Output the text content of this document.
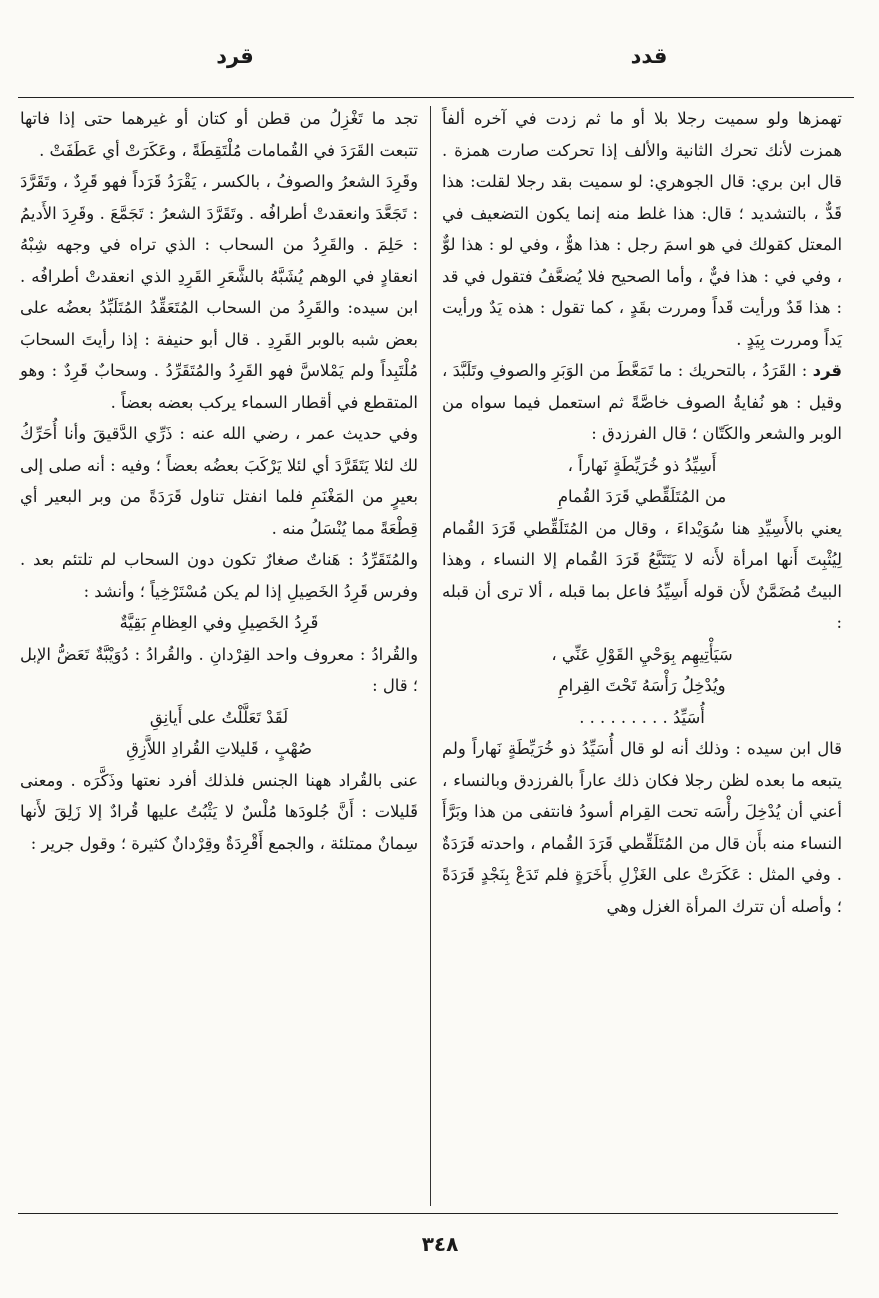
قدد
قرد

تهمزها ولو سميت رجلا بلا أو ما ثم زدت في آخره ألفاً همزت لأنك تحرك الثانية والألف إذا تحركت صارت همزة . قال ابن بري: قال الجوهري: لو سميت بقد رجلا لقلت: هذا قَدٌّ ، بالتشديد ؛ قال: هذا غلط منه إنما يكون التضعيف في المعتل كقولك في هو اسمَ رجل : هذا هوٌّ ، وفي لو : هذا لوٌّ ، وفي في : هذا فيٌّ ، وأما الصحيح فلا يُضعَّفُ فتقول في قد : هذا قَدٌ ورأيت قَداً ومررت بقَدٍ ، كما تقول : هذه يَدٌ ورأيت يَداً ومررت بِيَدٍ .

قرد : القَرَدُ ، بالتحريك : ما تَمَعَّطَ من الوَبَرِ والصوفِ وتَلَبَّدَ ، وقيل : هو نُفايةُ الصوف خاصَّةً ثم استعمل فيما سواه من الوبر والشعر والكَتّان ؛ قال الفرزدق :

أَسِيِّدُ ذو خُرَيِّطَةٍ نَهاراً ،

من المُتَلَقِّطي قَرَدَ القُمامِ

يعني بالأَسِيِّدِ هنا سُوَيْداءَ ، وقال من المُتَلَقِّطي قَرَدَ القُمام لِيُثْبِتَ أَنها امرأة لأَنه لا يَتَتَبَّعُ قَرَدَ القُمام إلا النساء ، وهذا البيتُ مُضَمَّنٌ لأَن قوله أَسِيِّدُ فاعل بما قبله ، ألا ترى أن قبله :

سَيَأْتِيهِم بِوَحْيِ القَوْلِ عَنِّي ،

ويُدْخِلُ رَأْسَهُ تَحْتَ القِرامِ

أُسَيِّدُ . . . . . . . . .

قال ابن سيده : وذلك أنه لو قال أُسَيِّدُ ذو خُرَيِّطَةٍ نَهاراً ولم يتبعه ما بعده لظن رجلا فكان ذلك عاراً بالفرزدق وبالنساء ، أعني أن يُدْخِلَ رأْسَه تحت القِرام أسودُ فانتفى من هذا وبَرَّأَ النساء منه بأَن قال من المُتَلَقِّطي قَرَدَ القُمام ، واحدته قَرَدَةٌ . وفي المثل : عَكَرَتْ على الغَزْلِ بأَخَرَةٍ فلم تَدَعْ بِنَجْدٍ قَرَدَةً ؛ وأصله أن تترك المرأة الغزل وهي

تجد ما تَغْزِلُ من قطن أو كتان أو غيرهما حتى إذا فاتها تتبعت القَرَدَ في القُمامات مُلْتَقِطَةً ، وعَكَرَتْ أي عَطَفَتْ .

وقَرِدَ الشعرُ والصوفُ ، بالكسر ، يَقْرَدُ قَرَداً فهو قَرِدٌ ، وتَقَرَّدَ : تَجَعَّدَ وانعقدتْ أطرافُه . وتَقَرَّدَ الشعرُ : تَجَمَّعَ . وقَرِدَ الأَديمُ : حَلِمَ . والقَرِدُ من السحاب : الذي تراه في وجهه شِبْهُ انعقادٍ في الوهم يُشَبَّهُ بالشَّعَرِ القَرِدِ الذي انعقدتْ أطرافُه . ابن سيده: والقَرِدُ من السحاب المُتَعَقِّدُ المُتَلَبِّدُ بعضُه على بعض شبه بالوبر القَرِدِ . قال أبو حنيفة : إذا رأيتَ السحابَ مُلْتَبِداً ولم يَمْلاسَّ فهو القَرِدُ والمُتَقَرِّدُ . وسحابٌ قَرِدٌ : وهو المتقطع في أقطار السماء يركب بعضه بعضاً .

وفي حديث عمر ، رضي الله عنه : ذَرِّي الدَّقيقَ وأنا أُحَرِّكُ لك لئلا يَتَقَرَّدَ أي لئلا يَرْكَبَ بعضُه بعضاً ؛ وفيه : أنه صلى إلى بعيرٍ من المَغْنَمِ فلما انفتل تناول قَرَدَةً من وبر البعير أي قِطْعَةً مما يُنْسَلُ منه .

والمُتَقَرِّدُ : هَناتٌ صغارٌ تكون دون السحاب لم تلتئم بعد . وفرس قَرِدُ الخَصِيلِ إذا لم يكن مُسْتَرْخِياً ؛ وأنشد :

قَرِدُ الخَصِيلِ وفي العِظامِ بَقِيَّةٌ

والقُرادُ : معروف واحد القِرْدانِ . والقُرادُ : دُوَيْبَّةٌ تَعَضُّ الإبل ؛ قال :

لَقَدْ تَعَلَّلْتُ على أَيانِقِ

صُهْبٍ ، قَليلاتِ القُرادِ اللاَّزِقِ

عنى بالقُراد ههنا الجنس فلذلك أفرد نعتها وذَكَّرَه . ومعنى قَليلات : أَنَّ جُلودَها مُلْسٌ لا يَثْبُتُ عليها قُرادٌ إلا زَلِقَ لأَنها سِمانٌ ممتلئة ، والجمع أَقْرِدَةٌ وقِرْدانٌ كثيرة ؛ وقول جرير :

٣٤٨
